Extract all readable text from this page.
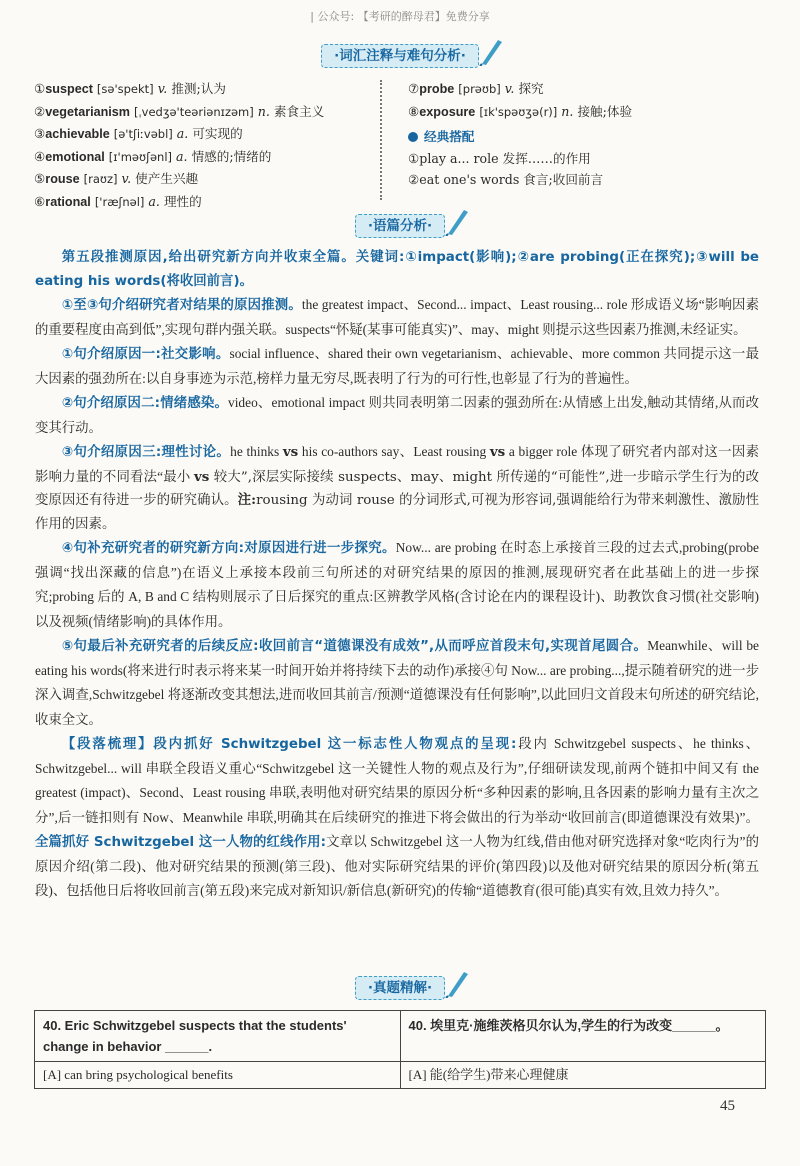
| 公众号: 【考研的醉母君】免费分享
·词汇注释与难句分析·
①suspect [sə'spekt] v. 推测;认为
②vegetarianism [ˌvedʒə'teəriənɪzəm] n. 素食主义
③achievable [ə'tʃiːvəbl] a. 可实现的
④emotional [ɪ'məʊʃənl] a. 情感的;情绪的
⑤rouse [raʊz] v. 使产生兴趣
⑥rational ['ræʃnəl] a. 理性的
⑦probe [prəʊb] v. 探究
⑧exposure [ɪk'spəʊʒə(r)] n. 接触;体验
经典搭配
①play a... role 发挥……的作用
②eat one's words 食言;收回前言
·语篇分析·

第五段推测原因,给出研究新方向并收束全篇。关键词:①impact(影响);②are probing(正在探究);③will be eating his words(将收回前言)。

①至③句介绍研究者对结果的原因推测。the greatest impact、Second... impact、Least rousing... role 形成语义场“影响因素的重要程度由高到低”,实现句群内强关联。suspects“怀疑(某事可能真实)”、may、might 则提示这些因素乃推测,未经证实。

①句介绍原因一:社交影响。social influence、shared their own vegetarianism、achievable、more common 共同提示这一最大因素的强劲所在:以自身事迹为示范,榜样力量无穷尽,既表明了行为的可行性,也彰显了行为的普遍性。

②句介绍原因二:情绪感染。video、emotional impact 则共同表明第二因素的强劲所在:从情感上出发,触动其情绪,从而改变其行动。

③句介绍原因三:理性讨论。he thinks vs his co-authors say、Least rousing vs a bigger role 体现了研究者内部对这一因素影响力量的不同看法“最小 vs 较大”,深层实际接续 suspects、may、might 所传递的“可能性”,进一步暗示学生行为的改变原因还有待进一步的研究确认。注:rousing 为动词 rouse 的分词形式,可视为形容词,强调能给行为带来刺激性、激励性作用的因素。

④句补充研究者的研究新方向:对原因进行进一步探究。Now... are probing 在时态上承接首三段的过去式,probing(probe 强调“找出深藏的信息”)在语义上承接本段前三句所述的对研究结果的原因的推测,展现研究者在此基础上的进一步探究;probing 后的 A, B and C 结构则展示了日后探究的重点:区辨教学风格(含讨论在内的课程设计)、助教饮食习惯(社交影响)以及视频(情绪影响)的具体作用。

⑤句最后补充研究者的后续反应:收回前言“道德课没有成效”,从而呼应首段末句,实现首尾圆合。Meanwhile、will be eating his words(将来进行时表示将来某一时间开始并将持续下去的动作)承接④句 Now... are probing...,提示随着研究的进一步深入调查,Schwitzgebel 将逐渐改变其想法,进而收回其前言/预测“道德课没有任何影响”,以此回归文首段末句所述的研究结论,收束全文。

【段落梳理】段内抓好 Schwitzgebel 这一标志性人物观点的呈现:段内 Schwitzgebel suspects、he thinks、Schwitzgebel... will 串联全段语义重心“Schwitzgebel 这一关键性人物的观点及行为”,仔细研读发现,前两个链扣中间又有 the greatest (impact)、Second、Least rousing 串联,表明他对研究结果的原因分析“多种因素的影响,且各因素的影响力量有主次之分”,后一链扣则有 Now、Meanwhile 串联,明确其在后续研究的推进下将会做出的行为举动“收回前言(即道德课没有效果)”。全篇抓好 Schwitzgebel 这一人物的红线作用:文章以 Schwitzgebel 这一人物为红线,借由他对研究选择对象“吃肉行为”的原因介绍(第二段)、他对研究结果的预测(第三段)、他对实际研究结果的评价(第四段)以及他对研究结果的原因分析(第五段)、包括他日后将收回前言(第五段)来完成对新知识/新信息(新研究)的传输“道德教育(很可能)真实有效,且效力持久”。

·真题精解·
40. Eric Schwitzgebel suspects that the students' change in behavior ______.	40. 埃里克·施维茨格贝尔认为,学生的行为改变______。
[A] can bring psychological benefits	[A] 能(给学生)带来心理健康
45
